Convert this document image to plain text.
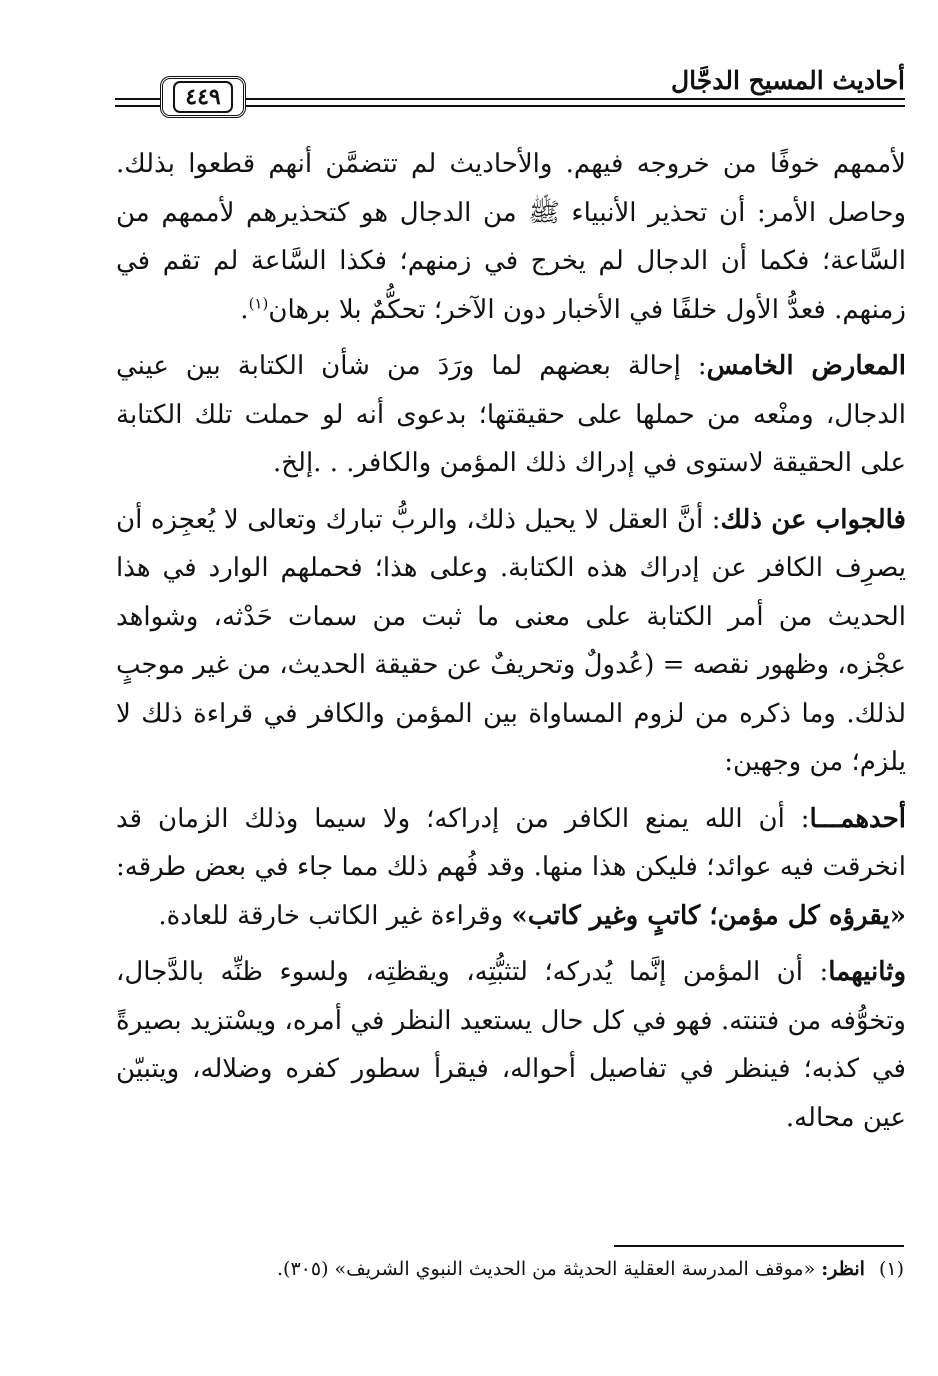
أحاديث المسيح الدجَّال
٤٤٩

لأممهم خوفًا من خروجه فيهم. والأحاديث لم تتضمَّن أنهم قطعوا بذلك. وحاصل الأمر: أن تحذير الأنبياء ﷺ من الدجال هو كتحذيرهم لأممهم من السَّاعة؛ فكما أن الدجال لم يخرج في زمنهم؛ فكذا السَّاعة لم تقم في زمنهم. فعدُّ الأول خلفًا في الأخبار دون الآخر؛ تحكُّمٌ بلا برهان$^{(١)}$.

المعارض الخامس: إحالة بعضهم لما ورَدَ من شأن الكتابة بين عيني الدجال، ومنْعه من حملها على حقيقتها؛ بدعوى أنه لو حملت تلك الكتابة على الحقيقة لاستوى في إدراك ذلك المؤمن والكافر. . .إلخ.

فالجواب عن ذلك: أنَّ العقل لا يحيل ذلك، والربُّ تبارك وتعالى لا يُعجِزه أن يصرِف الكافر عن إدراك هذه الكتابة. وعلى هذا؛ فحملهم الوارد في هذا الحديث من أمر الكتابة على معنى ما ثبت من سمات حَدْثه، وشواهد عجْزه، وظهور نقصه = (عُدولٌ وتحريفٌ عن حقيقة الحديث، من غير موجبٍ لذلك. وما ذكره من لزوم المساواة بين المؤمن والكافر في قراءة ذلك لا يلزم؛ من وجهين:

أحدهمـــا: أن الله يمنع الكافر من إدراكه؛ ولا سيما وذلك الزمان قد انخرقت فيه عوائد؛ فليكن هذا منها. وقد فُهم ذلك مما جاء في بعض طرقه: «يقرؤه كل مؤمن؛ كاتبٍ وغير كاتب» وقراءة غير الكاتب خارقة للعادة.

وثانيهما: أن المؤمن إنَّما يُدركه؛ لتثبُّتِه، ويقظتِه، ولسوء ظنِّه بالدَّجال، وتخوُّفه من فتنته. فهو في كل حال يستعيد النظر في أمره، ويسْتزيد بصيرةً في كذبه؛ فينظر في تفاصيل أحواله، فيقرأ سطور كفره وضلاله، ويتبيّن عين محاله.

(١)انظر: «موقف المدرسة العقلية الحديثة من الحديث النبوي الشريف» (٣٠٥).
